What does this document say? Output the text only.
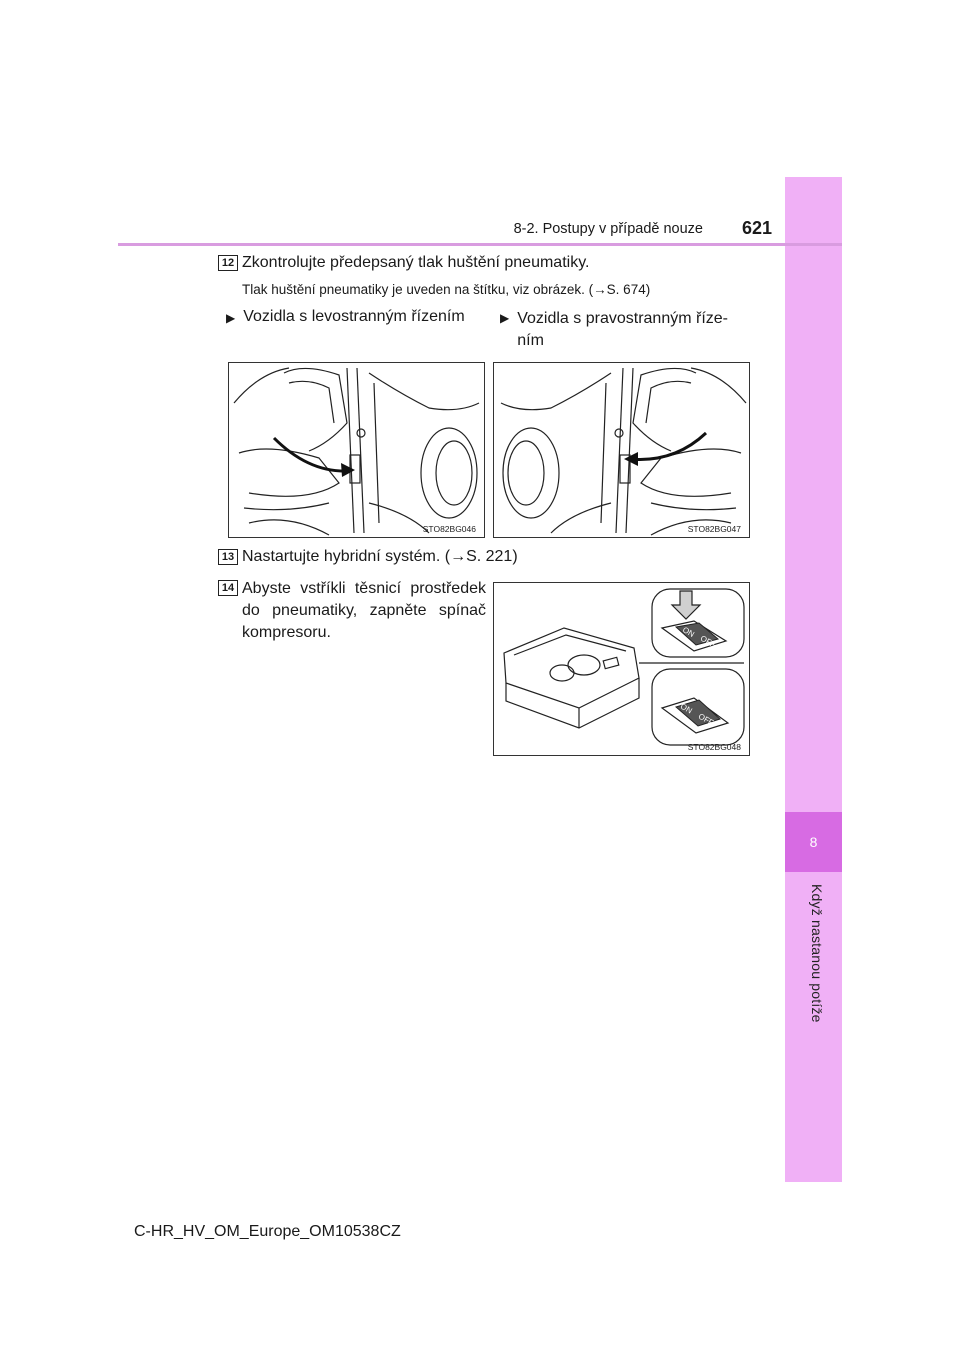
8
Když nastanou potíže
8-2. Postupy v případě nouze	621
12 Zkontrolujte předepsaný tlak huštění pneumatiky.
Tlak huštění pneumatiky je uveden na štítku, viz obrázek. (→S. 674)
▶ Vozidla s levostranným řízením	▶ Vozidla s pravostranným říze-ním
STO82BG046	STO82BG047
13 Nastartujte hybridní systém. (→S. 221)
14 Abyste vstříkli těsnicí prostředek do pneumatiky, zapněte spínač kompresoru.	ON
OFF
ON
OFF
STO82BG048
C-HR_HV_OM_Europe_OM10538CZ
